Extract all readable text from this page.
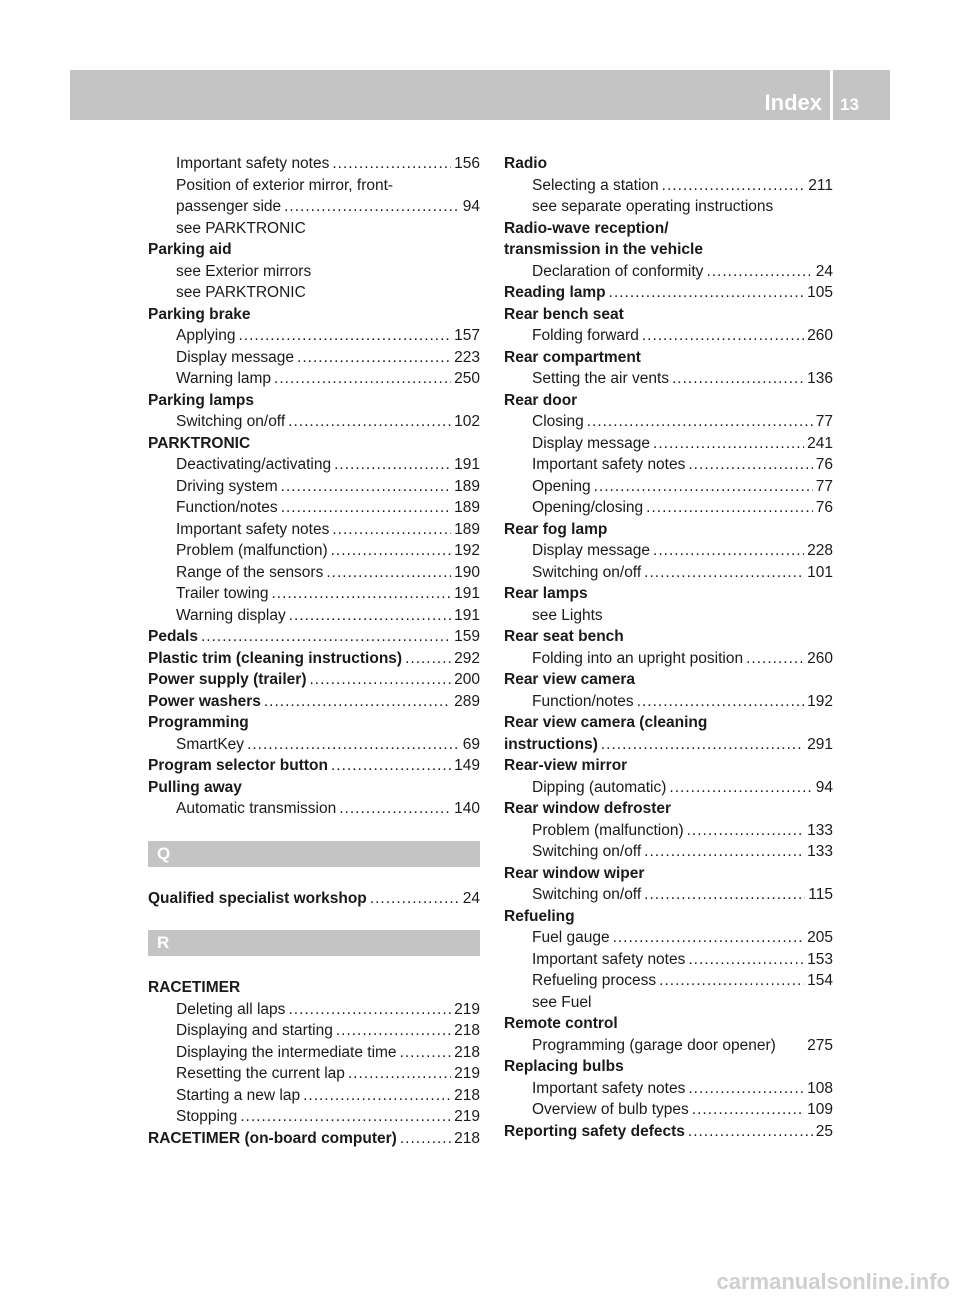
Index 13
Important safety notes .....	156
Position of exterior mirror, front-
passenger side .....	94
see PARKTRONIC
Parking aid
see Exterior mirrors
see PARKTRONIC
Parking brake
Applying .....	157
Display message .....	223
Warning lamp .....	250
Parking lamps
Switching on/off .....	102
PARKTRONIC
Deactivating/activating .....	191
Driving system .....	189
Function/notes .....	189
Important safety notes .....	189
Problem (malfunction) .....	192
Range of the sensors .....	190
Trailer towing .....	191
Warning display .....	191
Pedals .....	159
Plastic trim (cleaning instructions) .....	292
Power supply (trailer) .....	200
Power washers .....	289
Programming
SmartKey .....	69
Program selector button .....	149
Pulling away
Automatic transmission .....	140
Q
Qualified specialist workshop .....	24
R
RACETIMER
Deleting all laps .....	219
Displaying and starting .....	218
Displaying the intermediate time .....	218
Resetting the current lap .....	219
Starting a new lap .....	218
Stopping .....	219
RACETIMER (on-board computer) .....	218
Radio
Selecting a station .....	211
see separate operating instructions
Radio-wave reception/
transmission in the vehicle
Declaration of conformity .....	24
Reading lamp .....	105
Rear bench seat
Folding forward .....	260
Rear compartment
Setting the air vents .....	136
Rear door
Closing .....	77
Display message .....	241
Important safety notes .....	76
Opening .....	77
Opening/closing .....	76
Rear fog lamp
Display message .....	228
Switching on/off .....	101
Rear lamps
see Lights
Rear seat bench
Folding into an upright position .....	260
Rear view camera
Function/notes .....	192
Rear view camera (cleaning
instructions) .....	291
Rear-view mirror
Dipping (automatic) .....	94
Rear window defroster
Problem (malfunction) .....	133
Switching on/off .....	133
Rear window wiper
Switching on/off .....	115
Refueling
Fuel gauge .....	205
Important safety notes .....	153
Refueling process .....	154
see Fuel
Remote control
Programming (garage door opener) 275
Replacing bulbs
Important safety notes .....	108
Overview of bulb types .....	109
Reporting safety defects .....	25
carmanualsonline.info
